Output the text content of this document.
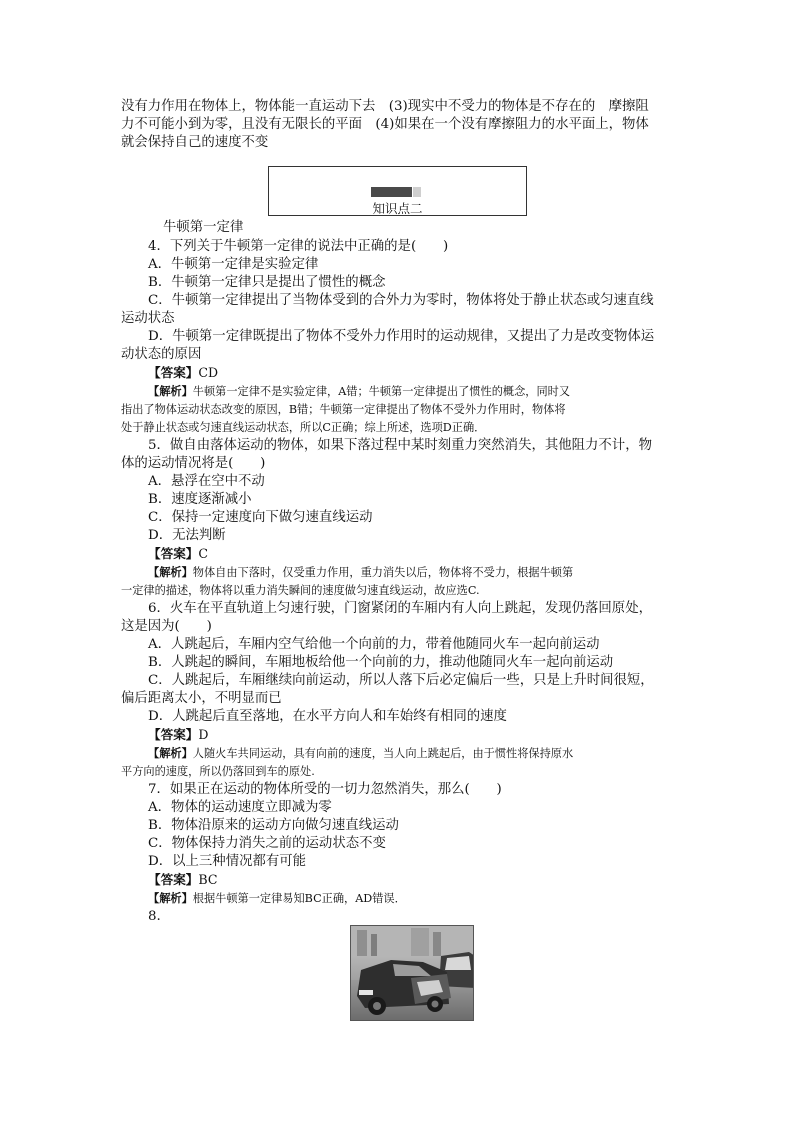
没有力作用在物体上，物体能一直运动下去　(3)现实中不受力的物体是不存在的　摩擦阻
力不可能小到为零，且没有无限长的平面　(4)如果在一个没有摩擦阻力的水平面上，物体
就会保持自己的速度不变
知识点二
牛顿第一定律
4．下列关于牛顿第一定律的说法中正确的是(　　)
A．牛顿第一定律是实验定律
B．牛顿第一定律只是提出了惯性的概念
C．牛顿第一定律提出了当物体受到的合外力为零时，物体将处于静止状态或匀速直线
运动状态
D．牛顿第一定律既提出了物体不受外力作用时的运动规律，又提出了力是改变物体运
动状态的原因
【答案】CD
【解析】牛顿第一定律不是实验定律，A错；牛顿第一定律提出了惯性的概念，同时又
指出了物体运动状态改变的原因，B错；牛顿第一定律提出了物体不受外力作用时，物体将
处于静止状态或匀速直线运动状态，所以C正确；综上所述，选项D正确．
5．做自由落体运动的物体，如果下落过程中某时刻重力突然消失，其他阻力不计，物
体的运动情况将是(　　)
A．悬浮在空中不动
B．速度逐渐减小
C．保持一定速度向下做匀速直线运动
D．无法判断
【答案】C
【解析】物体自由下落时，仅受重力作用，重力消失以后，物体将不受力，根据牛顿第
一定律的描述，物体将以重力消失瞬间的速度做匀速直线运动，故应选C.
6．火车在平直轨道上匀速行驶，门窗紧闭的车厢内有人向上跳起，发现仍落回原处，
这是因为(　　)
A．人跳起后，车厢内空气给他一个向前的力，带着他随同火车一起向前运动
B．人跳起的瞬间，车厢地板给他一个向前的力，推动他随同火车一起向前运动
C．人跳起后，车厢继续向前运动，所以人落下后必定偏后一些，只是上升时间很短，
偏后距离太小，不明显而已
D．人跳起后直至落地，在水平方向人和车始终有相同的速度
【答案】D
【解析】人随火车共同运动，具有向前的速度，当人向上跳起后，由于惯性将保持原水
平方向的速度，所以仍落回到车的原处.
7．如果正在运动的物体所受的一切力忽然消失，那么(　　)
A．物体的运动速度立即减为零
B．物体沿原来的运动方向做匀速直线运动
C．物体保持力消失之前的运动状态不变
D．以上三种情况都有可能
【答案】BC
【解析】根据牛顿第一定律易知BC正确，AD错误．
8.
